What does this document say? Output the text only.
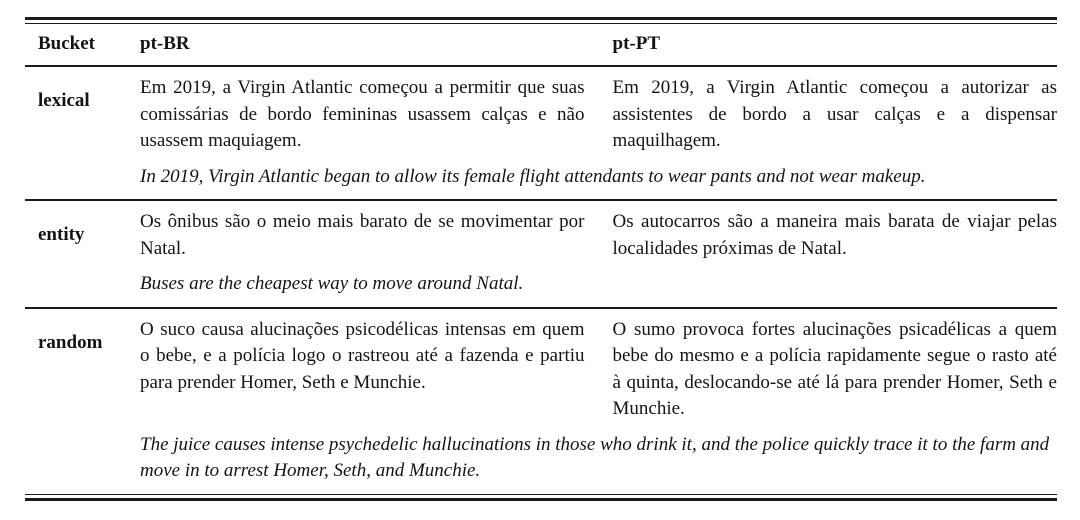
Bucket	pt-BR	pt-PT
lexical
Em 2019, a Virgin Atlantic começou a permitir que suas comissárias de bordo femininas usassem calças e não usassem maquiagem.
Em 2019, a Virgin Atlantic começou a autorizar as assistentes de bordo a usar calças e a dispensar maquilhagem.
In 2019, Virgin Atlantic began to allow its female flight attendants to wear pants and not wear makeup.
entity
Os ônibus são o meio mais barato de se movimentar por Natal.
Os autocarros são a maneira mais barata de viajar pelas localidades próximas de Natal.
Buses are the cheapest way to move around Natal.
random
O suco causa alucinações psicodélicas intensas em quem o bebe, e a polícia logo o rastreou até a fazenda e partiu para prender Homer, Seth e Munchie.
O sumo provoca fortes alucinações psicadélicas a quem bebe do mesmo e a polícia rapidamente segue o rasto até à quinta, deslocando-se até lá para prender Homer, Seth e Munchie.
The juice causes intense psychedelic hallucinations in those who drink it, and the police quickly trace it to the farm and move in to arrest Homer, Seth, and Munchie.
